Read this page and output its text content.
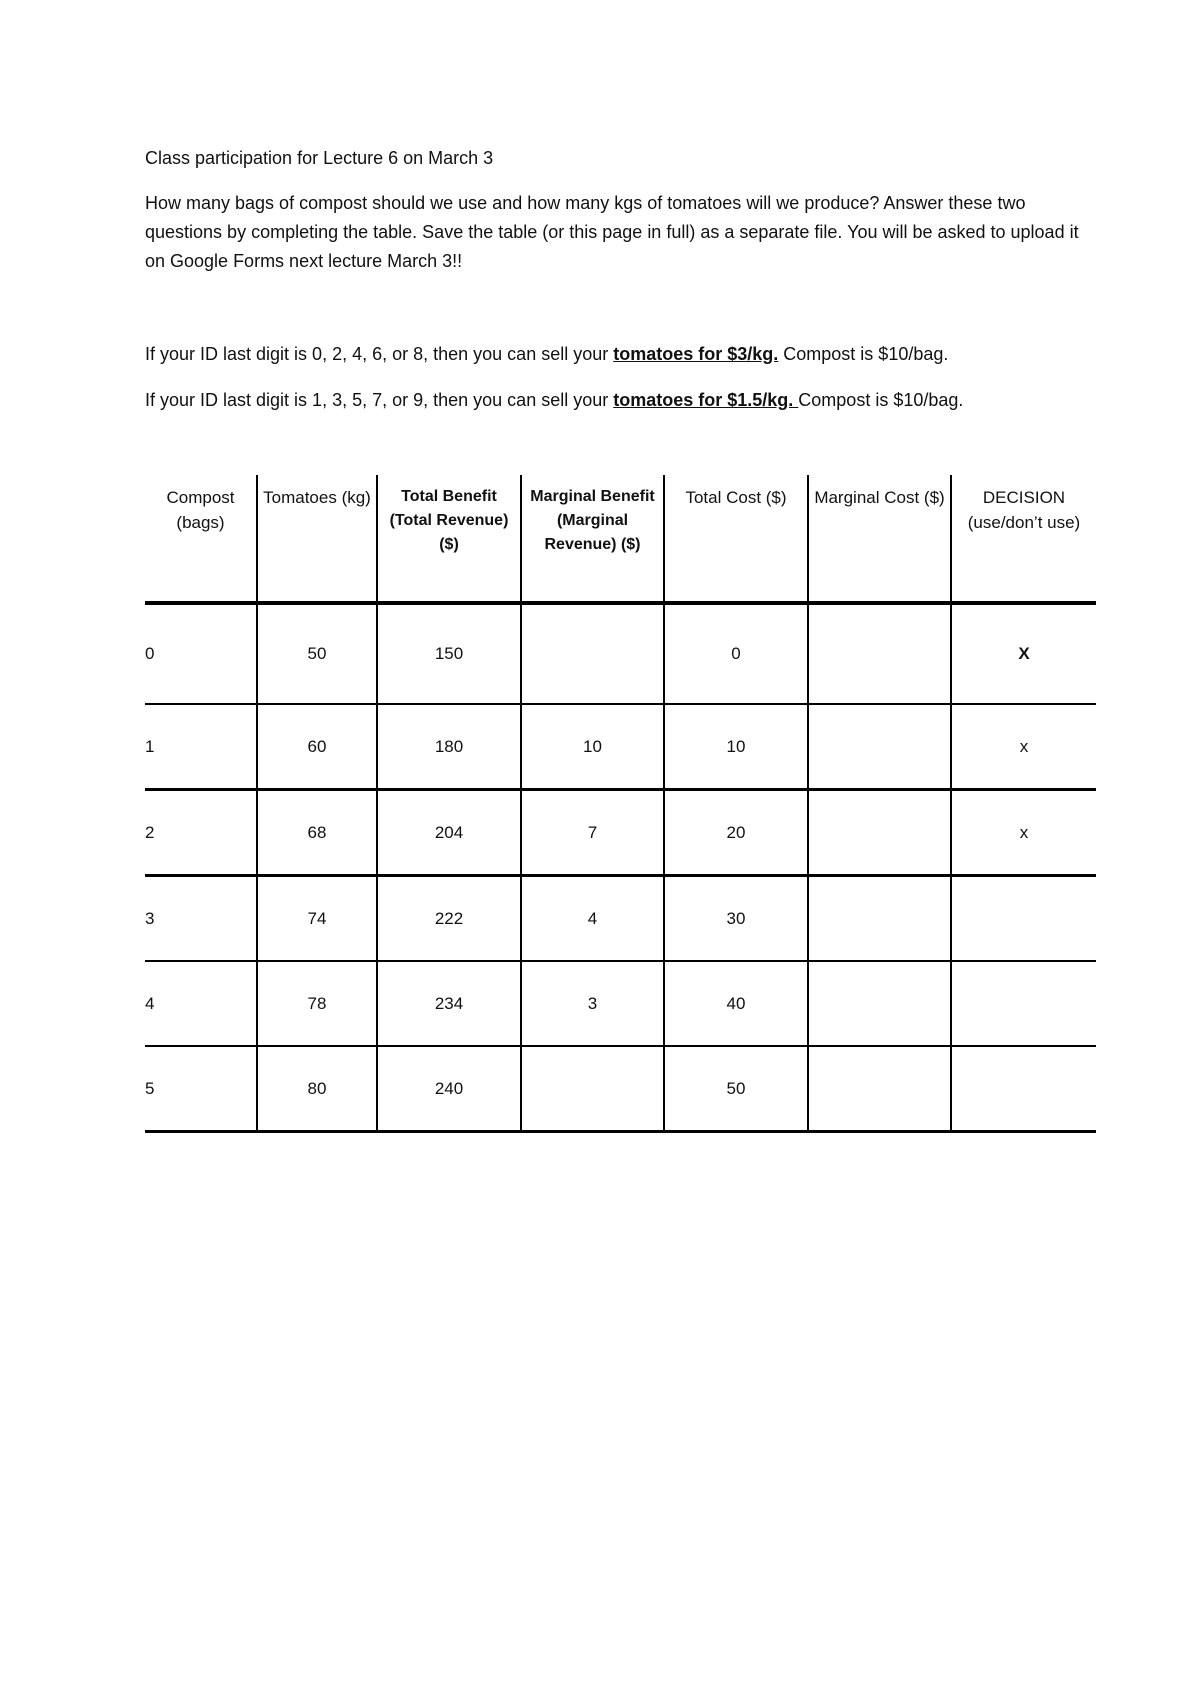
Class participation for Lecture 6 on March 3
How many bags of compost should we use and how many kgs of tomatoes will we produce? Answer these two questions by completing the table. Save the table (or this page in full) as a separate file. You will be asked to upload it on Google Forms next lecture March 3!!
If your ID last digit is 0, 2, 4, 6, or 8, then you can sell your tomatoes for $3/kg. Compost is $10/bag.
If your ID last digit is 1, 3, 5, 7, or 9, then you can sell your tomatoes for $1.5/kg. Compost is $10/bag.
Compost (bags)	Tomatoes (kg)	Total Benefit (Total Revenue) ($)	Marginal Benefit (Marginal Revenue) ($)	Total Cost ($)	Marginal Cost ($)	DECISION (use/don’t use)
0	50	150		0		X
1	60	180	10	10		x
2	68	204	7	20		x
3	74	222	4	30		
4	78	234	3	40		
5	80	240		50		
